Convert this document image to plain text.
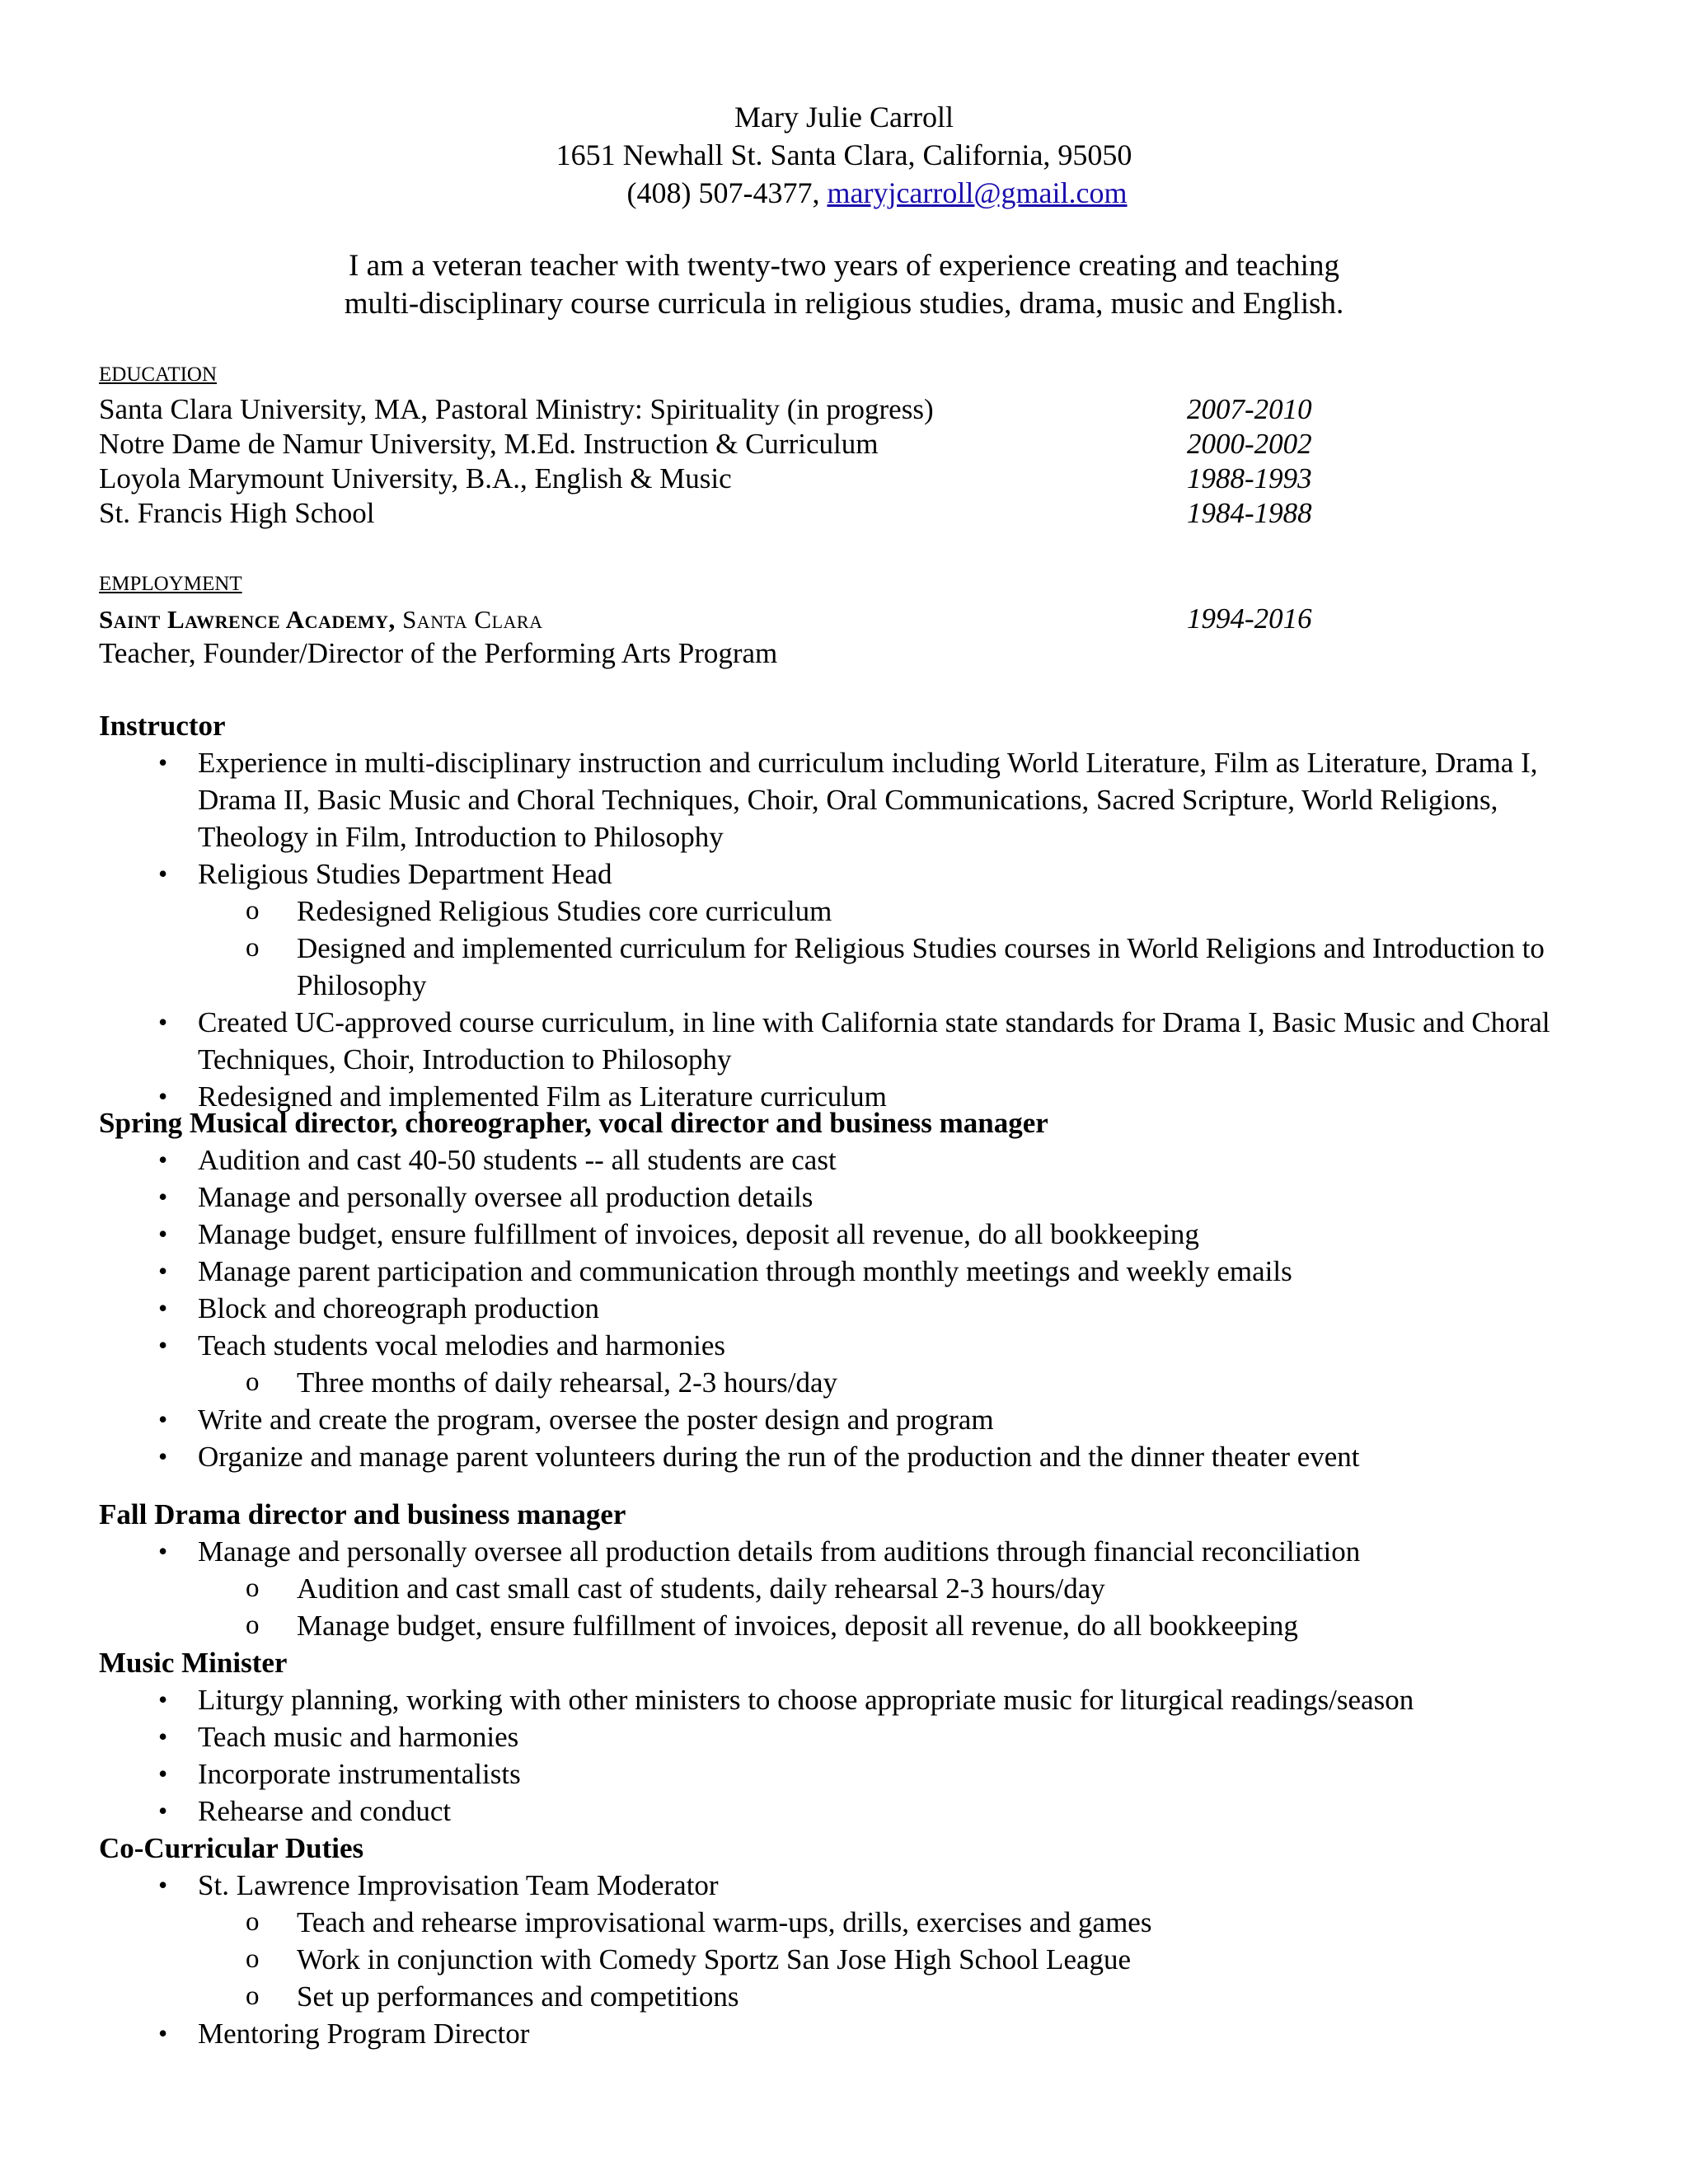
Mary Julie Carroll
1651 Newhall St. Santa Clara, California, 95050
(408) 507-4377, maryjcarroll@gmail.com
I am a veteran teacher with twenty-two years of experience creating and teaching
multi-disciplinary course curricula in religious studies, drama, music and English.
EDUCATION
Santa Clara University, MA, Pastoral Ministry: Spirituality (in progress)	2007-2010
Notre Dame de Namur University, M.Ed. Instruction & Curriculum	2000-2002
Loyola Marymount University, B.A., English & Music	1988-1993
St. Francis High School	1984-1988
EMPLOYMENT
Saint Lawrence Academy, Santa Clara	1994-2016
Teacher, Founder/Director of the Performing Arts Program
Instructor
• Experience in multi-disciplinary instruction and curriculum including World Literature, Film as Literature, Drama I, Drama II, Basic Music and Choral Techniques, Choir, Oral Communications, Sacred Scripture, World Religions, Theology in Film, Introduction to Philosophy
• Religious Studies Department Head
o Redesigned Religious Studies core curriculum
o Designed and implemented curriculum for Religious Studies courses in World Religions and Introduction to Philosophy
• Created UC-approved course curriculum, in line with California state standards for Drama I, Basic Music and Choral Techniques, Choir, Introduction to Philosophy
• Redesigned and implemented Film as Literature curriculum
Spring Musical director, choreographer, vocal director and business manager
• Audition and cast 40-50 students -- all students are cast
• Manage and personally oversee all production details
• Manage budget, ensure fulfillment of invoices, deposit all revenue, do all bookkeeping
• Manage parent participation and communication through monthly meetings and weekly emails
• Block and choreograph production
• Teach students vocal melodies and harmonies
o Three months of daily rehearsal, 2-3 hours/day
• Write and create the program, oversee the poster design and program
• Organize and manage parent volunteers during the run of the production and the dinner theater event
Fall Drama director and business manager
• Manage and personally oversee all production details from auditions through financial reconciliation
o Audition and cast small cast of students, daily rehearsal 2-3 hours/day
o Manage budget, ensure fulfillment of invoices, deposit all revenue, do all bookkeeping
Music Minister
• Liturgy planning, working with other ministers to choose appropriate music for liturgical readings/season
• Teach music and harmonies
• Incorporate instrumentalists
• Rehearse and conduct
Co-Curricular Duties
• St. Lawrence Improvisation Team Moderator
o Teach and rehearse improvisational warm-ups, drills, exercises and games
o Work in conjunction with Comedy Sportz San Jose High School League
o Set up performances and competitions
• Mentoring Program Director
